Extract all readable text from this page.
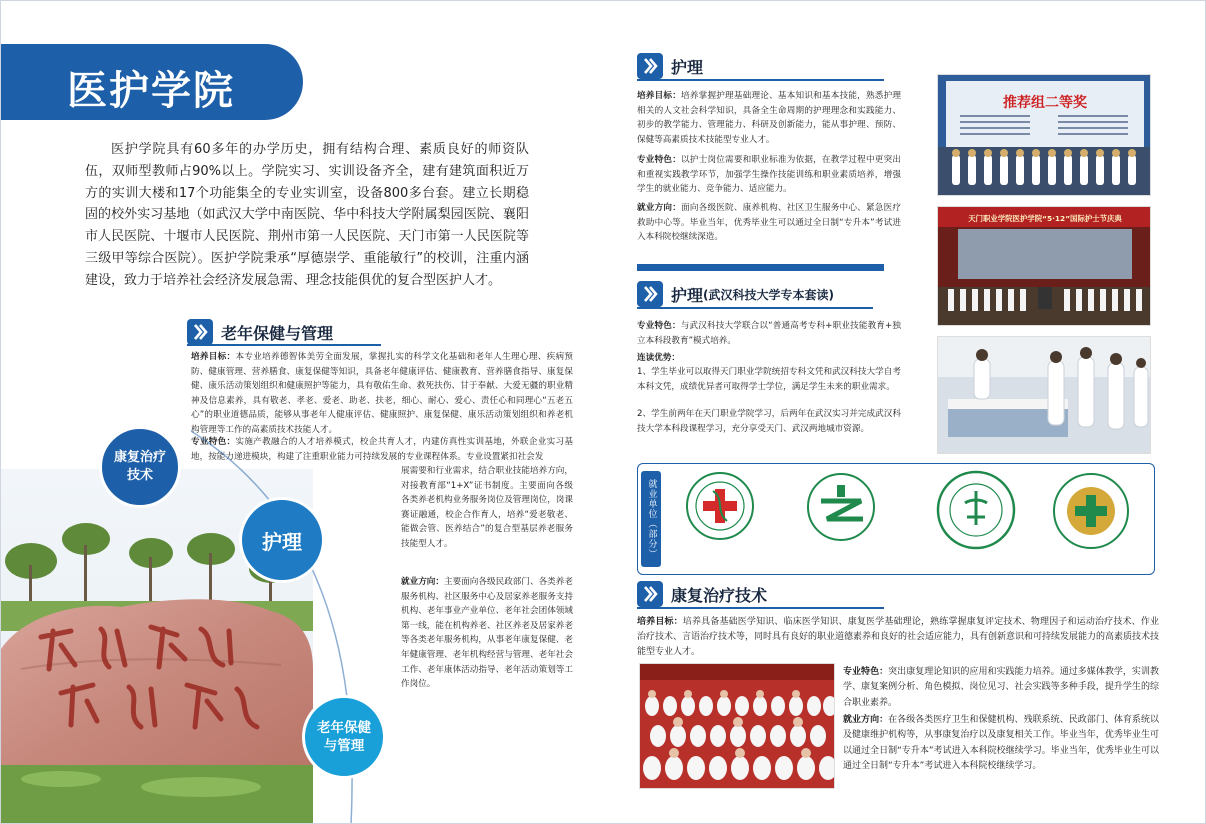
医护学院

医护学院具有60多年的办学历史，拥有结构合理、素质良好的师资队伍，双师型教师占90%以上。学院实习、实训设备齐全，建有建筑面积近万方的实训大楼和17个功能集全的专业实训室，设备800多台套。建立长期稳固的校外实习基地（如武汉大学中南医院、华中科技大学附属梨园医院、襄阳市人民医院、十堰市人民医院、荆州市第一人民医院、天门市第一人民医院等三级甲等综合医院）。医护学院秉承“厚德崇学、重能敏行”的校训，注重内涵建设，致力于培养社会经济发展急需、理念技能俱优的复合型医护人才。

老年保健与管理

培养目标：本专业培养德智体美劳全面发展，掌握扎实的科学文化基础和老年人生理心理、疾病预防、健康管理、营养膳食、康复保健等知识，具备老年健康评估、健康教育、营养膳食指导、康复保健、康乐活动策划组织和健康照护等能力，具有敬佑生命、救死扶伤、甘于奉献、大爱无疆的职业精神及信息素养，具有敬老、孝老、爱老、助老、扶老，细心、耐心、爱心、责任心和同理心“五老五心”的职业道德品质，能够从事老年人健康评估、健康照护、康复保健、康乐活动策划组织和养老机构管理等工作的高素质技术技能人才。

专业特色：实施产教融合的人才培养模式，校企共育人才，内建仿真性实训基地，外联企业实习基地，按能力递进模块，构建了注重职业能力可持续发展的专业课程体系。专业设置紧扣社会发

展需要和行业需求，结合职业技能培养方向，对接教育部“1+X”证书制度。主要面向各级各类养老机构业务服务岗位及管理岗位，岗课赛证融通，校企合作育人，培养“爱老敬老、能做会管、医养结合”的复合型基层养老服务技能型人才。

就业方向：主要面向各级民政部门、各类养老服务机构、社区服务中心及居家养老服务支持机构、老年事业产业单位、老年社会团体领域第一线，能在机构养老、社区养老及居家养老等各类老年服务机构，从事老年康复保健、老年健康管理、老年机构经营与管理、老年社会工作、老年康体活动指导、老年活动策划等工作岗位。

康复治疗
技术
护理
老年保健
与管理
护理

培养目标：培养掌握护理基础理论、基本知识和基本技能，熟悉护理相关的人文社会科学知识，具备全生命周期的护理理念和实践能力、初步的教学能力、管理能力、科研及创新能力，能从事护理、预防、保健等高素质技术技能型专业人才。

专业特色：以护士岗位需要和职业标准为依据，在教学过程中更突出和重视实践教学环节，加强学生操作技能训练和职业素质培养，增强学生的就业能力、竞争能力、适应能力。

就业方向：面向各级医院、康养机构、社区卫生服务中心、紧急医疗救助中心等。毕业当年，优秀毕业生可以通过全日制“专升本”考试进入本科院校继续深造。

护理 (武汉科技大学专本套读)

专业特色：与武汉科技大学联合以“普通高考专科+职业技能教育+独立本科段教育”模式培养。

连读优势：

1、学生毕业可以取得天门职业学院统招专科文凭和武汉科技大学自考本科文凭，成绩优异者可取得学士学位，满足学生未来的职业需求。

2、学生前两年在天门职业学院学习，后两年在武汉实习并完成武汉科技大学本科段课程学习，充分享受天门、武汉两地城市资源。

推荐组二等奖
天门职业学院医护学院“5·12”国际护士节庆典
就业单位（部分）
康复治疗技术

培养目标：培养具备基础医学知识、临床医学知识、康复医学基础理论，熟练掌握康复评定技术、物理因子和运动治疗技术、作业治疗技术、言语治疗技术等，同时具有良好的职业道德素养和良好的社会适应能力，具有创新意识和可持续发展能力的高素质技术技能型专业人才。

专业特色：突出康复理论知识的应用和实践能力培养。通过多媒体教学，实训教学、康复案例分析、角色模拟、岗位见习、社会实践等多种手段，提升学生的综合职业素养。

就业方向：在各级各类医疗卫生和保健机构、残联系统、民政部门、体育系统以及健康维护机构等，从事康复治疗以及康复相关工作。毕业当年，优秀毕业生可以通过全日制“专升本”考试进入本科院校继续学习。毕业当年，优秀毕业生可以通过全日制“专升本”考试进入本科院校继续学习。
